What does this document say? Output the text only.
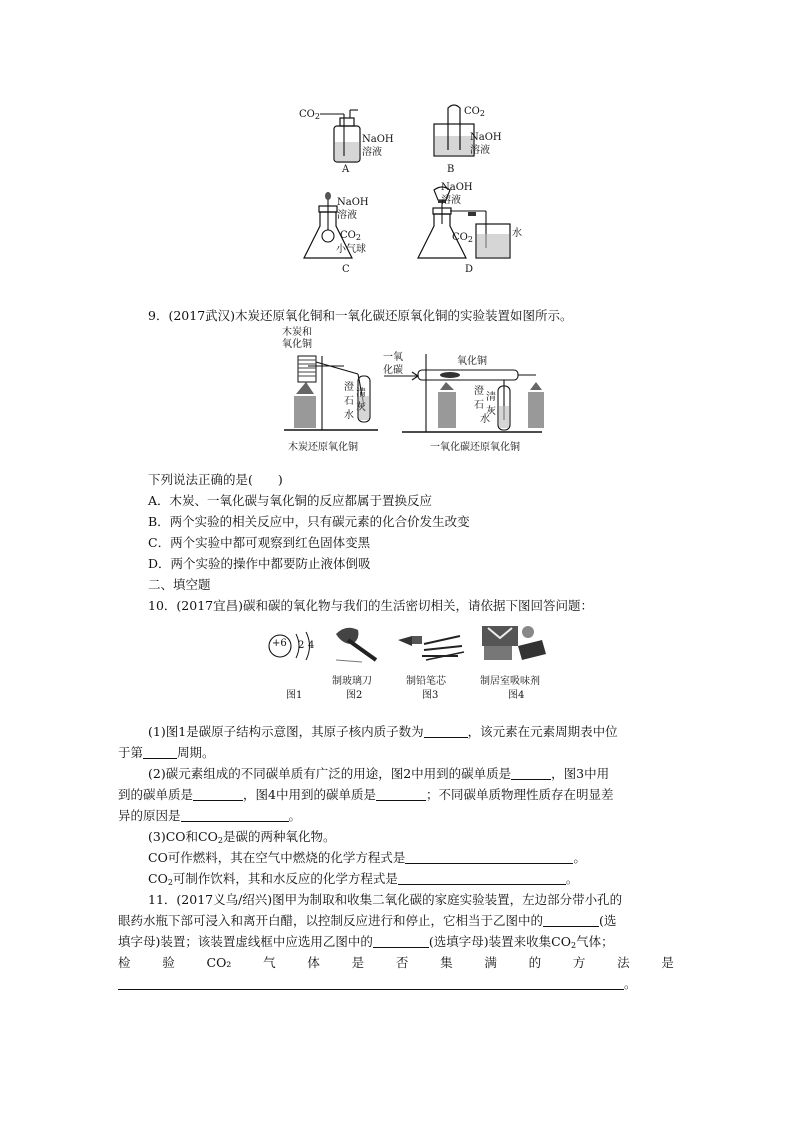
$CO_2$
NaOH
溶液
A
$CO_2$
NaOH
溶液
B
NaOH
溶液
$CO_2$
小气球
C
NaOH
溶液
$CO_2$
水
D
9．(2017武汉)木炭还原氧化铜和一氧化碳还原氧化铜的实验装置如图所示。
木炭和
氧化铜
澄
清
石
灰
水
木炭还原氧化铜
一氧
化碳
氧化铜
澄
清
石
灰
水
一氧化碳还原氧化铜
下列说法正确的是(　　)
A．木炭、一氧化碳与氧化铜的反应都属于置换反应
B．两个实验的相关反应中，只有碳元素的化合价发生改变
C．两个实验中都可观察到红色固体变黑
D．两个实验的操作中都要防止液体倒吸
二、填空题
10．(2017宜昌)碳和碳的氧化物与我们的生活密切相关，请依据下图回答问题：
+6 2 4
制玻璃刀	制铅笔芯	制居室吸味剂
图1	图2	图3	图4
(1)图1是碳原子结构示意图，其原子核内质子数为	，该元素在元素周期表中位
于第	周期。
(2)碳元素组成的不同碳单质有广泛的用途，图2中用到的碳单质是	，图3中用
到的碳单质是	，图4中用到的碳单质是	；不同碳单质物理性质存在明显差
异的原因是	。
(3)CO和$CO_2$是碳的两种氧化物。
CO可作燃料，其在空气中燃烧的化学方程式是	。
$CO_2$可制作饮料，其和水反应的化学方程式是	。
11．(2017义乌/绍兴)图甲为制取和收集二氧化碳的家庭实验装置，左边部分带小孔的
眼药水瓶下部可浸入和离开白醋，以控制反应进行和停止，它相当于乙图中的	(选
填字母)装置；该装置虚线框中应选用乙图中的	(选填字母)装置来收集$CO_2$气体；
检	验	CO₂	气	体	是	否	集	满	的	方	法	是
。
